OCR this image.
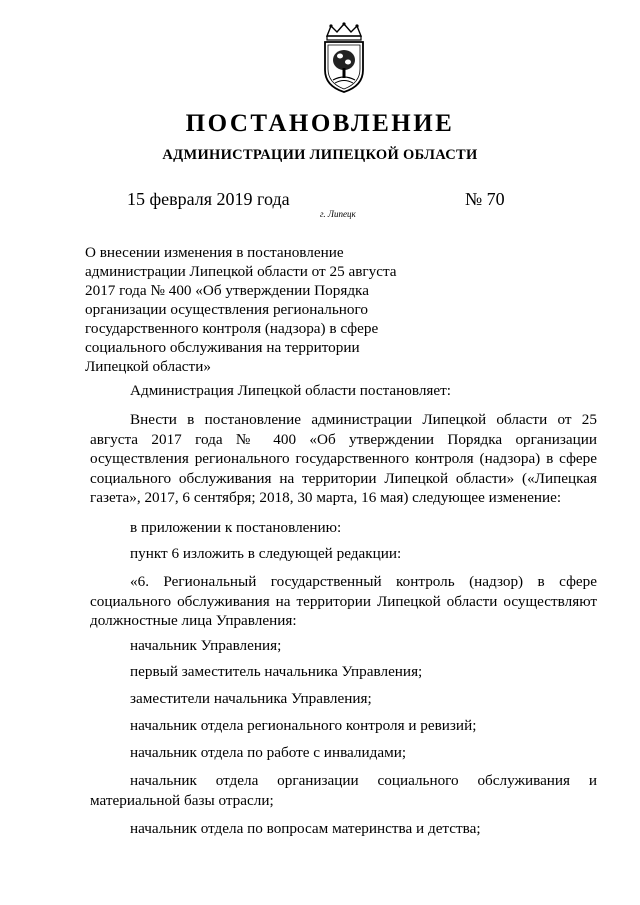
ПОСТАНОВЛЕНИЕ
АДМИНИСТРАЦИИ ЛИПЕЦКОЙ ОБЛАСТИ
15 февраля 2019 года	№ 70
г. Липецк
О внесении изменения в постановление
администрации Липецкой области от 25 августа
2017 года № 400 «Об утверждении Порядка
организации осуществления регионального
государственного контроля (надзора) в сфере
социального обслуживания на территории
Липецкой области»
Администрация Липецкой области постановляет:
Внести в постановление администрации Липецкой области от 25
августа 2017 года № 400 «Об утверждении Порядка организации
осуществления регионального государственного контроля (надзора) в сфере
социального обслуживания на территории Липецкой области» («Липецкая
газета», 2017, 6 сентября; 2018, 30 марта, 16 мая) следующее изменение:
в приложении к постановлению:
пункт 6 изложить в следующей редакции:
«6. Региональный государственный контроль (надзор) в сфере
социального обслуживания на территории Липецкой области осуществляют
должностные лица Управления:
начальник Управления;
первый заместитель начальника Управления;
заместители начальника Управления;
начальник отдела регионального контроля и ревизий;
начальник отдела по работе с инвалидами;
начальник отдела организации социального обслуживания и
материальной базы отрасли;
начальник отдела по вопросам материнства и детства;
